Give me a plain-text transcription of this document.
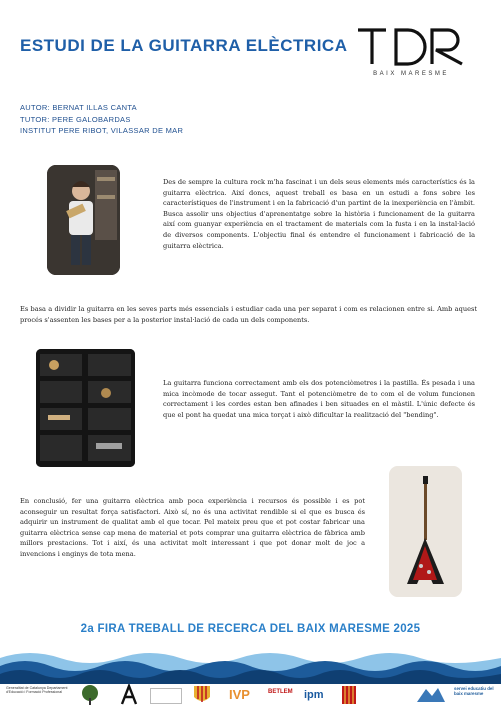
ESTUDI DE LA GUITARRA ELÈCTRICA
BAIX MARESME
AUTOR: BERNAT ILLAS CANTA
TUTOR: PERE GALOBARDAS
INSTITUT PERE RIBOT, VILASSAR DE MAR
Des de sempre la cultura rock m'ha fascinat i un dels seus elements més característics és la guitarra elèctrica. Així doncs, aquest treball es basa en un estudi a fons sobre les característiques de l'instrument i en la fabricació d'un partint de la inexperiència en l'àmbit. Busca assolir uns objectius d'aprenentatge sobre la història i funcionament de la guitarra així com guanyar experiència en el tractament de materials com la fusta i en la instal·lació de diversos components. L'objectiu final és entendre el funcionament i fabricació de la guitarra elèctrica.
Es basa a dividir la guitarra en les seves parts més essencials i estudiar cada una per separat i com es relacionen entre si. Amb aquest procés s'assenten les bases per a la posterior instal·lació de cada un dels components.
La guitarra funciona correctament amb els dos potenciòmetres i la pastilla. És pesada i una mica incòmode de tocar assegut. Tant el potenciòmetre de to com el de volum funcionen correctament i les cordes estan ben afinades i ben situades en el màstil. L'únic defecte és que el pont ha quedat una mica torçat i això dificultar la realització del "bending".
En conclusió, fer una guitarra elèctrica amb poca experiència i recursos és possible i es pot aconseguir un resultat força satisfactori. Això sí, no és una activitat rendible si el que es busca és adquirir un instrument de qualitat amb el que tocar. Pel mateix preu que et pot costar fabricar una guitarra elèctrica sense cap mena de material et pots comprar una guitarra elèctrica de fàbrica amb millors prestacions. Tot i així, és una activitat molt interessant i que pot donar molt de joc a invencions i enginys de tota mena.
2a FIRA TREBALL DE RECERCA DEL BAIX MARESME 2025
Generalitat de Catalunya Departament d'Educació i Formació Professional	IVP	BETLEM ipm
servei educatiu del baix maresme
